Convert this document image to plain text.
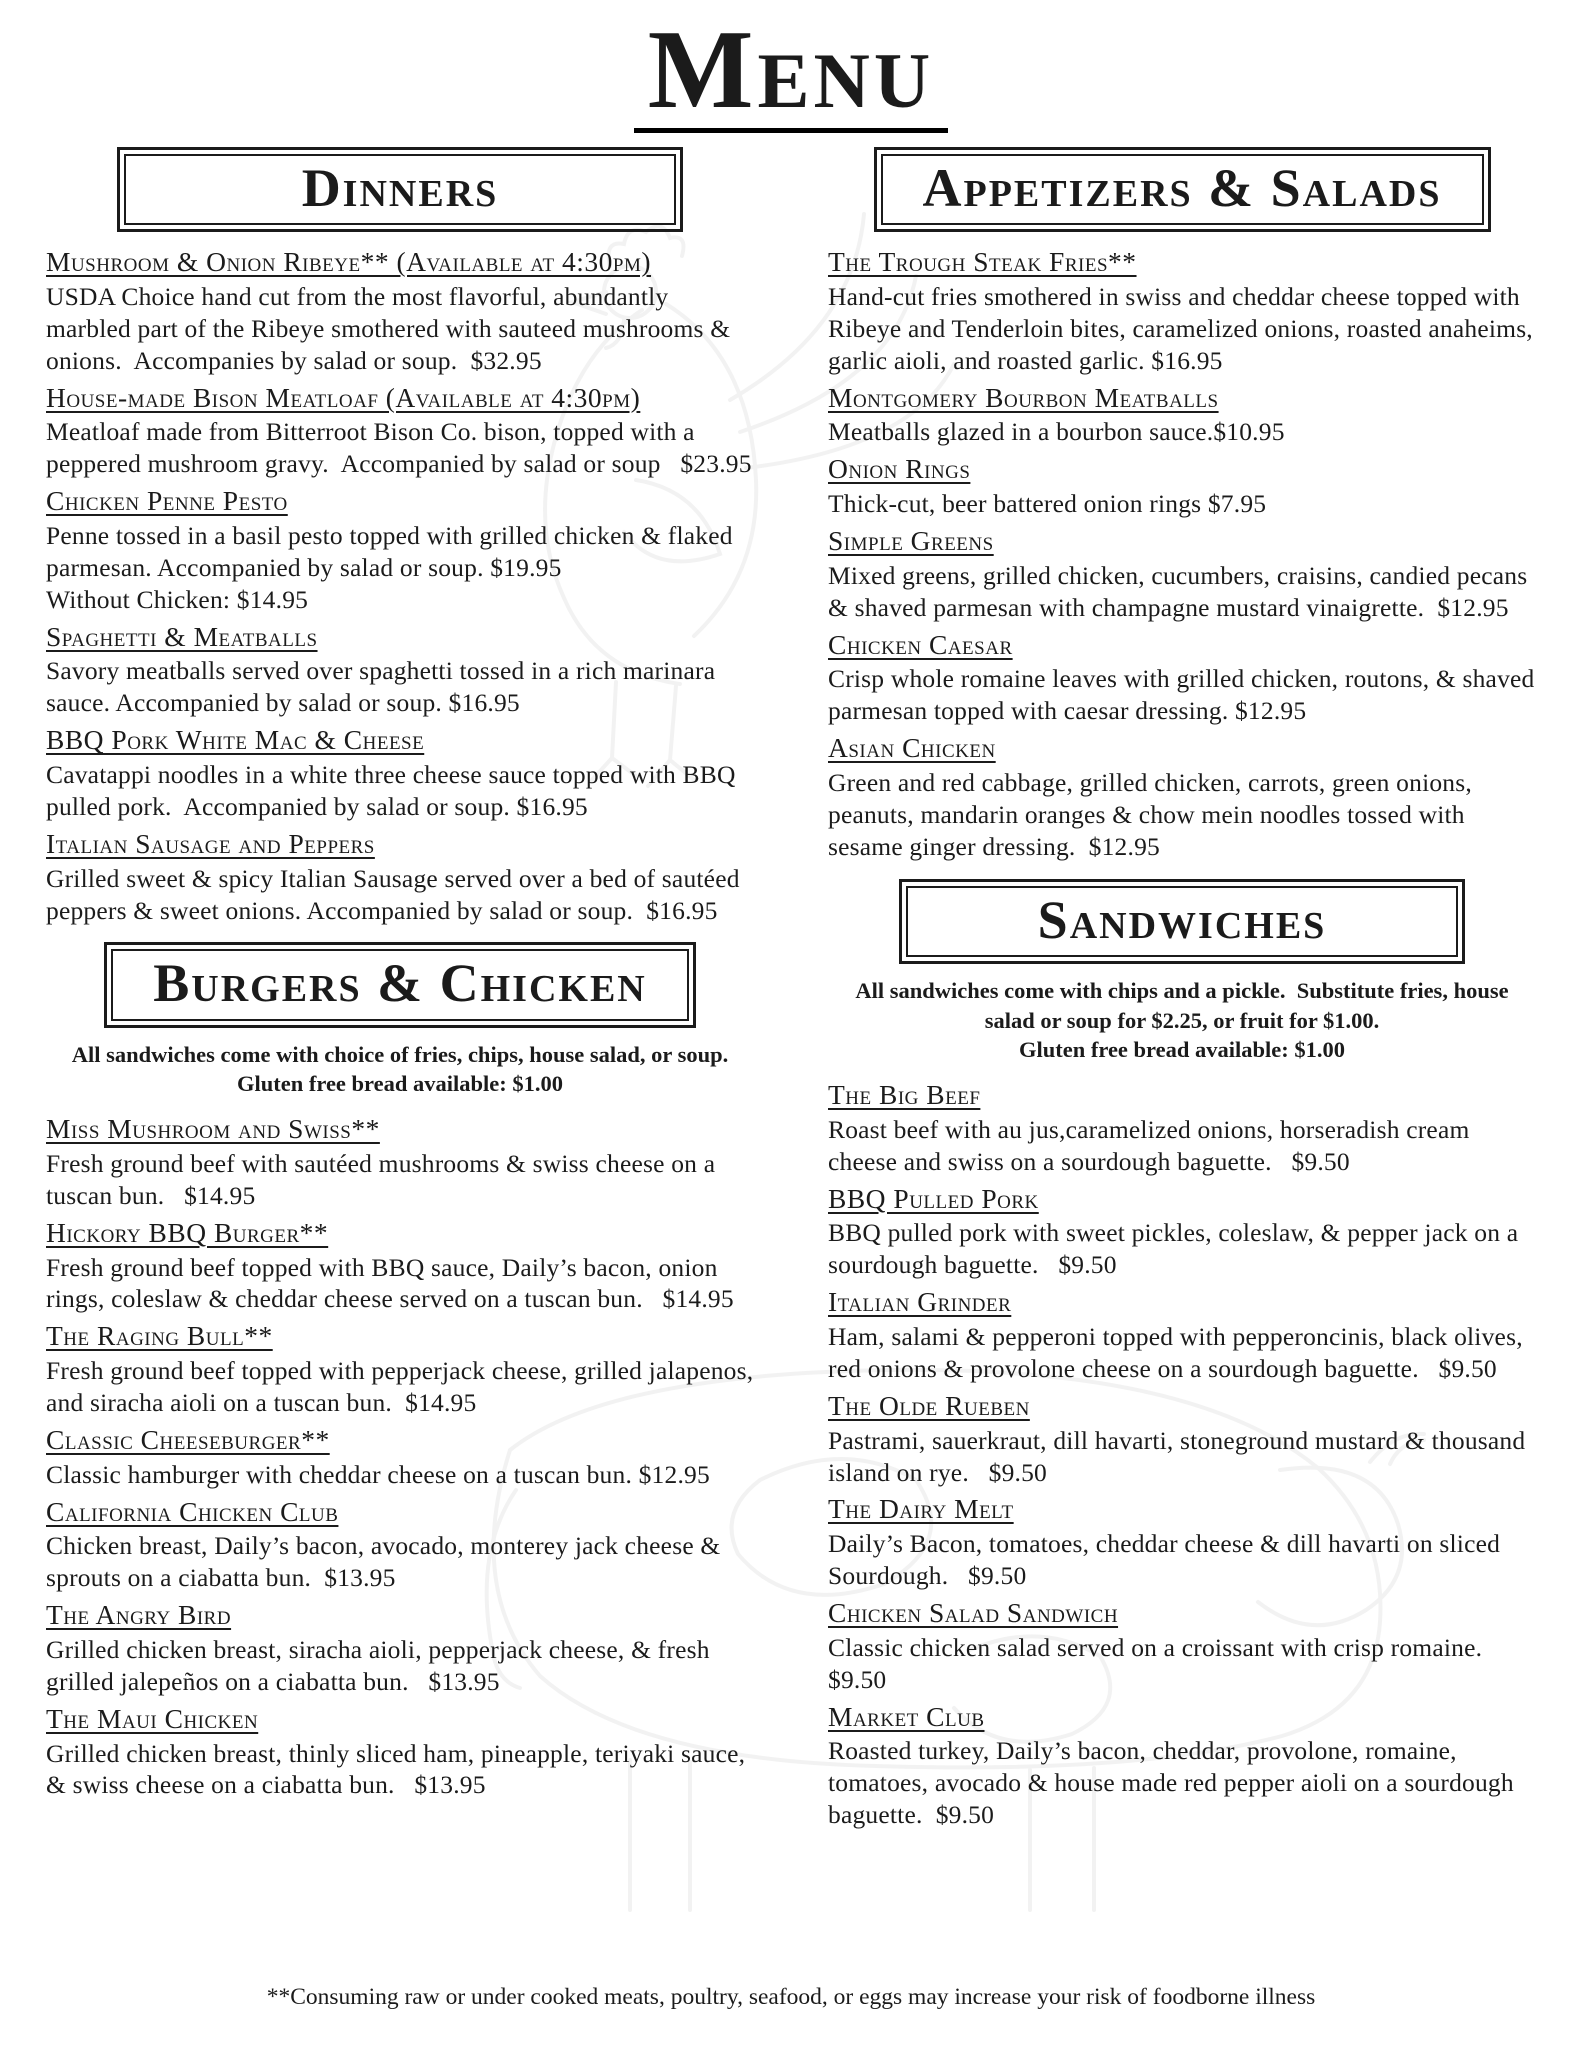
Menu
Dinners
Mushroom & Onion Ribeye** (Available at 4:30pm)
USDA Choice hand cut from the most flavorful, abundantly marbled part of the Ribeye smothered with sauteed mushrooms & onions.  Accompanies by salad or soup.  $32.95
House-made Bison Meatloaf (Available at 4:30pm)
Meatloaf made from Bitterroot Bison Co. bison, topped with a peppered mushroom gravy.  Accompanied by salad or soup   $23.95
Chicken Penne Pesto
Penne tossed in a basil pesto topped with grilled chicken & flaked parmesan. Accompanied by salad or soup. $19.95
Without Chicken: $14.95
Spaghetti & Meatballs
Savory meatballs served over spaghetti tossed in a rich marinara sauce. Accompanied by salad or soup. $16.95
BBQ Pork White Mac & Cheese
Cavatappi noodles in a white three cheese sauce topped with BBQ pulled pork.  Accompanied by salad or soup. $16.95
Italian Sausage and Peppers
Grilled sweet & spicy Italian Sausage served over a bed of sautéed peppers & sweet onions. Accompanied by salad or soup.  $16.95
Burgers & Chicken

All sandwiches come with choice of fries, chips, house salad, or soup.
Gluten free bread available: $1.00

Miss Mushroom and Swiss**
Fresh ground beef with sautéed mushrooms & swiss cheese on a tuscan bun.   $14.95
Hickory BBQ Burger**
Fresh ground beef topped with BBQ sauce, Daily’s bacon, onion rings, coleslaw & cheddar cheese served on a tuscan bun.   $14.95
The Raging Bull**
Fresh ground beef topped with pepperjack cheese, grilled jalapenos, and siracha aioli on a tuscan bun.  $14.95
Classic Cheeseburger**
Classic hamburger with cheddar cheese on a tuscan bun. $12.95
California Chicken Club
Chicken breast, Daily’s bacon, avocado, monterey jack cheese & sprouts on a ciabatta bun.  $13.95
The Angry Bird
Grilled chicken breast, siracha aioli, pepperjack cheese, & fresh grilled jalepeños on a ciabatta bun.   $13.95
The Maui Chicken
Grilled chicken breast, thinly sliced ham, pineapple, teriyaki sauce, & swiss cheese on a ciabatta bun.   $13.95
Appetizers & Salads
The Trough Steak Fries**
Hand-cut fries smothered in swiss and cheddar cheese topped with Ribeye and Tenderloin bites, caramelized onions, roasted anaheims, garlic aioli, and roasted garlic. $16.95
Montgomery Bourbon Meatballs
Meatballs glazed in a bourbon sauce.$10.95
Onion Rings
Thick-cut, beer battered onion rings $7.95
Simple Greens
Mixed greens, grilled chicken, cucumbers, craisins, candied pecans & shaved parmesan with champagne mustard vinaigrette.  $12.95
Chicken Caesar
Crisp whole romaine leaves with grilled chicken, routons, & shaved parmesan topped with caesar dressing. $12.95
Asian Chicken
Green and red cabbage, grilled chicken, carrots, green onions, peanuts, mandarin oranges & chow mein noodles tossed with sesame ginger dressing.  $12.95
Sandwiches

All sandwiches come with chips and a pickle.  Substitute fries, house
salad or soup for $2.25, or fruit for $1.00.
Gluten free bread available: $1.00

The Big Beef
Roast beef with au jus,caramelized onions, horseradish cream cheese and swiss on a sourdough baguette.   $9.50
BBQ Pulled Pork
BBQ pulled pork with sweet pickles, coleslaw, & pepper jack on a sourdough baguette.   $9.50
Italian Grinder
Ham, salami & pepperoni topped with pepperoncinis, black olives, red onions & provolone cheese on a sourdough baguette.   $9.50
The Olde Rueben
Pastrami, sauerkraut, dill havarti, stoneground mustard & thousand island on rye.   $9.50
The Dairy Melt
Daily’s Bacon, tomatoes, cheddar cheese & dill havarti on sliced Sourdough.   $9.50
Chicken Salad Sandwich
Classic chicken salad served on a croissant with crisp romaine.   $9.50
Market Club
Roasted turkey, Daily’s bacon, cheddar, provolone, romaine, tomatoes, avocado & house made red pepper aioli on a sourdough baguette.  $9.50

**Consuming raw or under cooked meats, poultry, seafood, or eggs may increase your risk of foodborne illness
